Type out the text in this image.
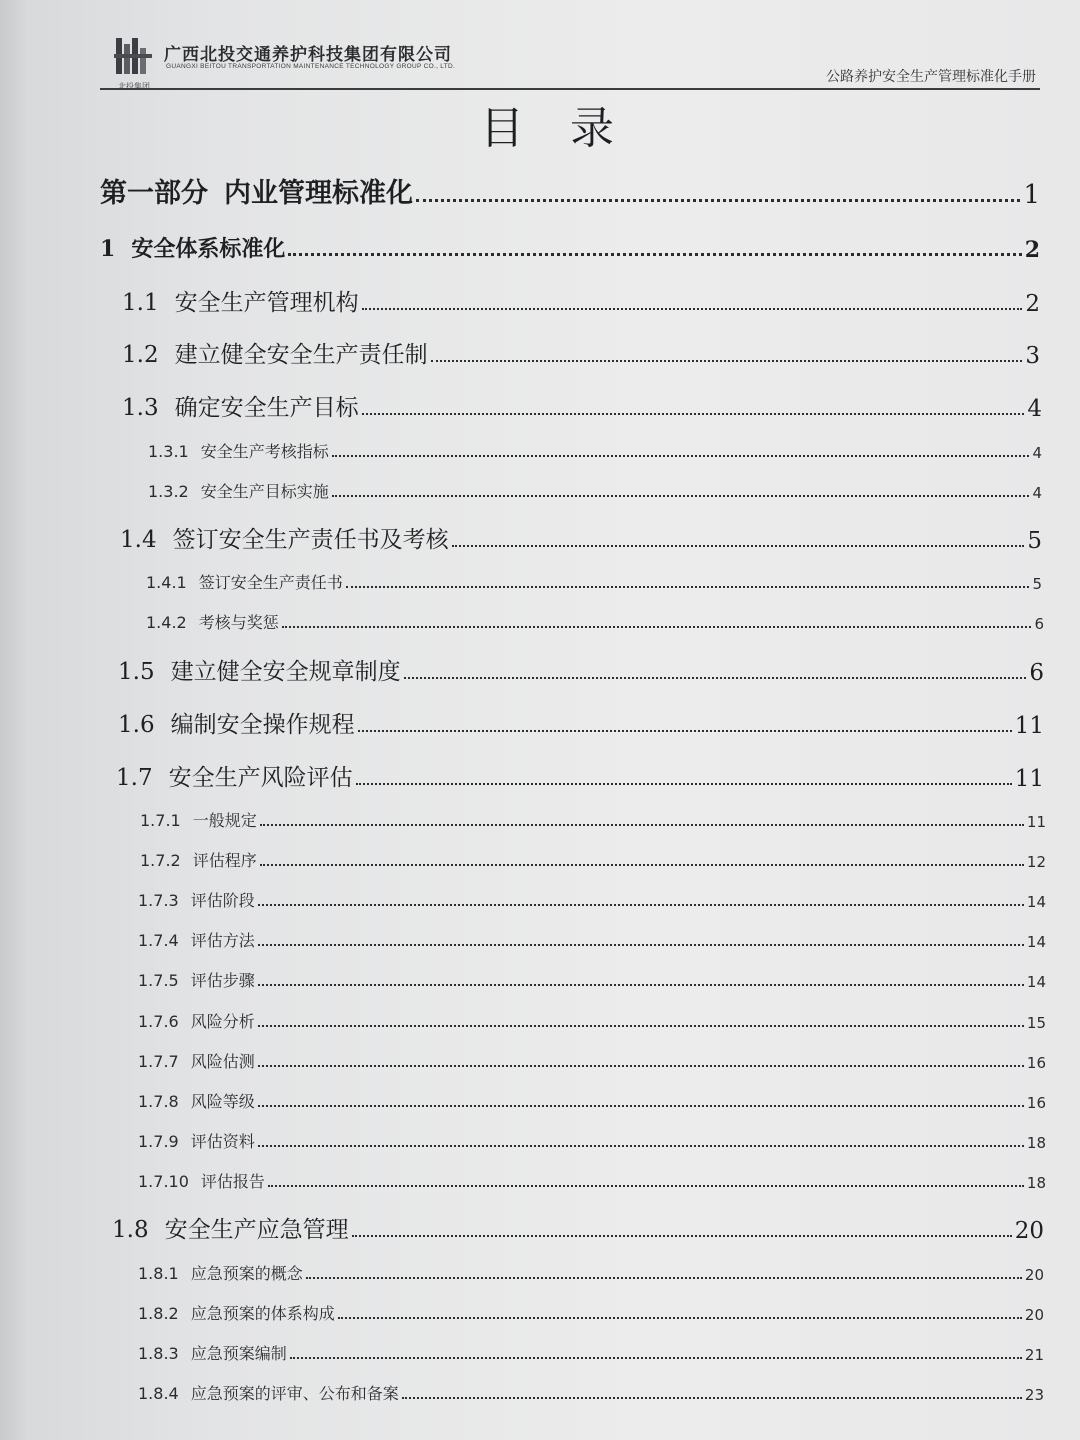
北投集团
广西北投交通养护科技集团有限公司
GUANGXI BEITOU TRANSPORTATION MAINTENANCE TECHNOLOGY GROUP CO., LTD.
公路养护安全生产管理标准化手册
目录
第一部分 内业管理标准化	1
1 安全体系标准化	2
1.1 安全生产管理机构	2
1.2 建立健全安全生产责任制	3
1.3 确定安全生产目标	4
1.3.1 安全生产考核指标	4
1.3.2 安全生产目标实施	4
1.4 签订安全生产责任书及考核	5
1.4.1 签订安全生产责任书	5
1.4.2 考核与奖惩	6
1.5 建立健全安全规章制度	6
1.6 编制安全操作规程	11
1.7 安全生产风险评估	11
1.7.1 一般规定	11
1.7.2 评估程序	12
1.7.3 评估阶段	14
1.7.4 评估方法	14
1.7.5 评估步骤	14
1.7.6 风险分析	15
1.7.7 风险估测	16
1.7.8 风险等级	16
1.7.9 评估资料	18
1.7.10 评估报告	18
1.8 安全生产应急管理	20
1.8.1 应急预案的概念	20
1.8.2 应急预案的体系构成	20
1.8.3 应急预案编制	21
1.8.4 应急预案的评审、公布和备案	23
